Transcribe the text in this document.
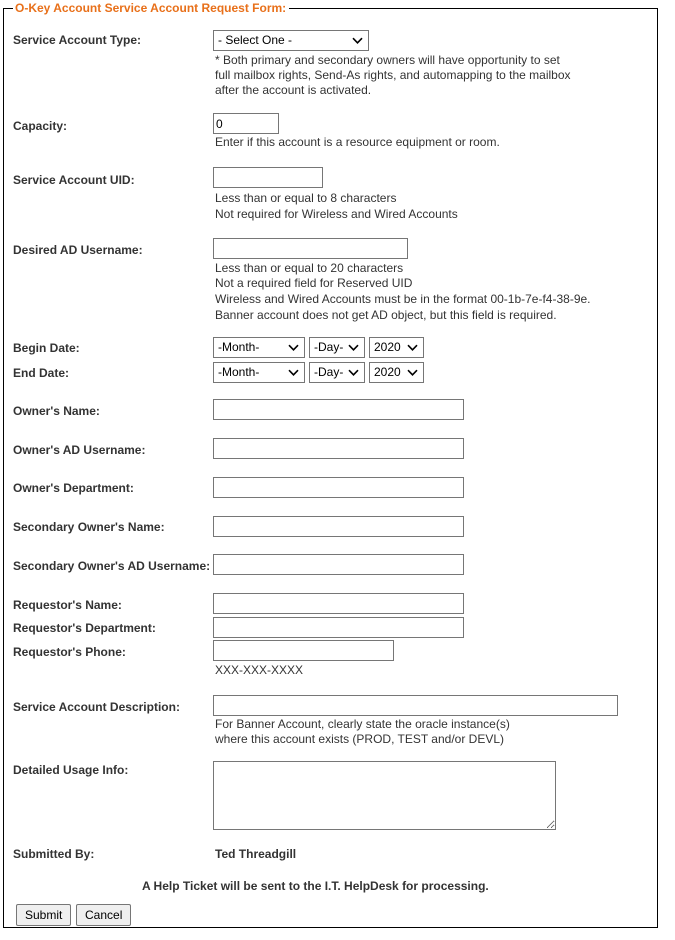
O-Key Account Service Account Request Form:
Service Account Type:	- Select One -
* Both primary and secondary owners will have opportunity to set
full mailbox rights, Send-As rights, and automapping to the mailbox
after the account is activated.
Capacity:
0
Enter if this account is a resource equipment or room.
Service Account UID:
Less than or equal to 8 characters
Not required for Wireless and Wired Accounts
Desired AD Username:
Less than or equal to 20 characters
Not a required field for Reserved UID
Wireless and Wired Accounts must be in the format 00-1b-7e-f4-38-9e.
Banner account does not get AD object, but this field is required.
Begin Date:	-Month-	-Day-	2020
End Date:	-Month-	-Day-	2020
Owner's Name:
Owner's AD Username:
Owner's Department:
Secondary Owner's Name:
Secondary Owner's AD Username:
Requestor's Name:
Requestor's Department:
Requestor's Phone:
XXX-XXX-XXXX
Service Account Description:
For Banner Account, clearly state the oracle instance(s)
where this account exists (PROD, TEST and/or DEVL)
Detailed Usage Info:
Submitted By:	Ted Threadgill
A Help Ticket will be sent to the I.T. HelpDesk for processing.
Submit	Cancel
